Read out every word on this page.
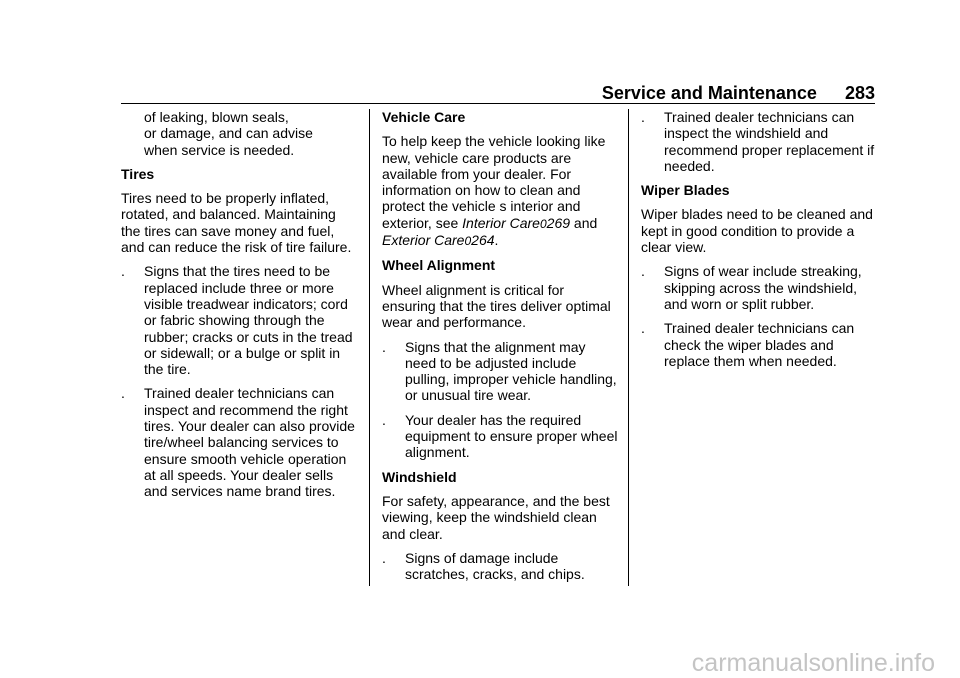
Service and Maintenance 283

of leaking, blown seals,
or damage, and can advise
when service is needed.

Tires

Tires need to be properly inflated, rotated, and balanced. Maintaining the tires can save money and fuel, and can reduce the risk of tire failure.

. Signs that the tires need to be replaced include three or more visible treadwear indicators; cord or fabric showing through the rubber; cracks or cuts in the tread or sidewall; or a bulge or split in the tire.
. Trained dealer technicians can inspect and recommend the right tires. Your dealer can also provide tire/wheel balancing services to ensure smooth vehicle operation at all speeds. Your dealer sells and services name brand tires.

Vehicle Care

To help keep the vehicle looking like new, vehicle care products are available from your dealer. For information on how to clean and protect the vehicle s interior and exterior, see Interior Care0269 and Exterior Care0264.

Wheel Alignment

Wheel alignment is critical for ensuring that the tires deliver optimal wear and performance.

. Signs that the alignment may need to be adjusted include pulling, improper vehicle handling, or unusual tire wear.
. Your dealer has the required equipment to ensure proper wheel alignment.

Windshield

For safety, appearance, and the best viewing, keep the windshield clean and clear.

. Signs of damage include scratches, cracks, and chips.
. Trained dealer technicians can inspect the windshield and recommend proper replacement if needed.

Wiper Blades

Wiper blades need to be cleaned and kept in good condition to provide a clear view.

. Signs of wear include streaking, skipping across the windshield, and worn or split rubber.
. Trained dealer technicians can check the wiper blades and replace them when needed.
carmanualsonline.info
